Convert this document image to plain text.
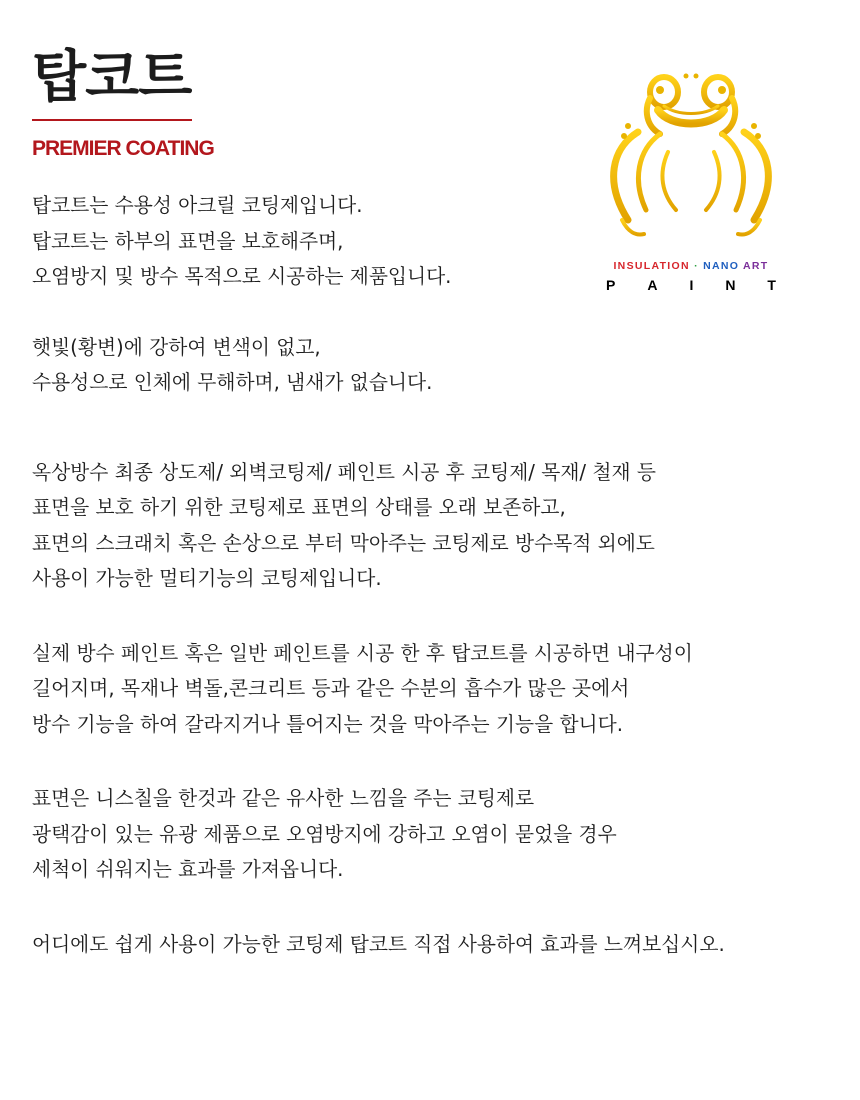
탑코트
PREMIER COATING
INSULATION · NANO ART
P A I N T

탑코트는 수용성 아크릴 코팅제입니다.
탑코트는 하부의 표면을 보호해주며,
오염방지 및 방수 목적으로 시공하는 제품입니다.

햇빛(황변)에 강하여 변색이 없고,
수용성으로 인체에 무해하며, 냄새가 없습니다.

옥상방수 최종 상도제/ 외벽코팅제/ 페인트 시공 후 코팅제/ 목재/ 철재 등
표면을 보호 하기 위한 코팅제로 표면의 상태를 오래 보존하고,
표면의 스크래치 혹은 손상으로 부터 막아주는 코팅제로 방수목적 외에도
사용이 가능한 멀티기능의 코팅제입니다.

실제 방수 페인트 혹은 일반 페인트를 시공 한 후 탑코트를 시공하면 내구성이
길어지며, 목재나 벽돌,콘크리트 등과 같은 수분의 흡수가 많은 곳에서
방수 기능을 하여 갈라지거나 틀어지는 것을 막아주는 기능을 합니다.

표면은 니스칠을 한것과 같은 유사한 느낌을 주는 코팅제로
광택감이 있는 유광 제품으로 오염방지에 강하고 오염이 묻었을 경우
세척이 쉬워지는 효과를 가져옵니다.

어디에도 쉽게 사용이 가능한 코팅제 탑코트 직접 사용하여 효과를 느껴보십시오.
